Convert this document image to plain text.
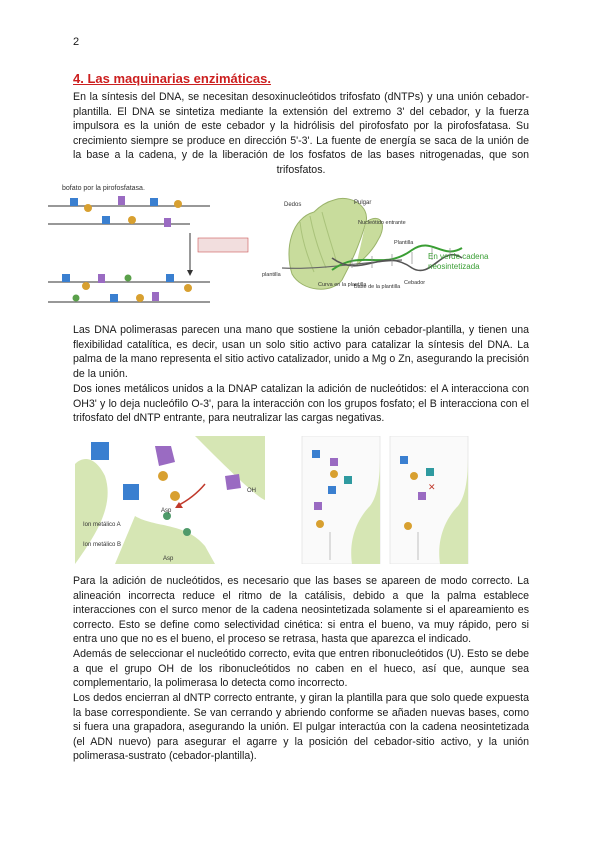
2
4. Las maquinarias enzimáticas.

En la síntesis del DNA, se necesitan desoxinucleótidos trifosfato (dNTPs) y una unión cebador-plantilla. El DNA se sintetiza mediante la extensión del extremo 3' del cebador, y la fuerza impulsora es la unión de este cebador y la hidrólisis del pirofosfato por la pirofosfatasa. Su crecimiento siempre se produce en dirección 5'-3'. La fuente de energía se saca de la unión de la base a la cadena, y de la liberación de los fosfatos de las bases nitrogenadas, que son trifosfatos.

bofato por la pirofosfatasa.
Dedos	Pulgar
Nucleótido entrante
Plantilla
plantilla
Curva en la plantilla
Base de la plantilla
Cebador
En verde cadena
neosintetizada

Las DNA polimerasas parecen una mano que sostiene la unión cebador-plantilla, y tienen una flexibilidad catalítica, es decir, usan un solo sitio activo para catalizar la síntesis del DNA. La palma de la mano representa el sitio activo catalizador, unido a Mg o Zn, asegurando la precisión de la unión.

Dos iones metálicos unidos a la DNAP catalizan la adición de nucleótidos: el A interacciona con OH3' y lo deja nucleófilo O-3', para la interacción con los grupos fosfato; el B interacciona con el trifosfato del dNTP entrante, para neutralizar las cargas negativas.

Ion metálico A
Ion metálico B
Asp
Asp
OH	✕

Para la adición de nucleótidos, es necesario que las bases se apareen de modo correcto. La alineación incorrecta reduce el ritmo de la catálisis, debido a que la palma establece interacciones con el surco menor de la cadena neosintetizada solamente si el apareamiento es correcto. Esto se define como selectividad cinética: si entra el bueno, va muy rápido, pero si entra uno que no es el bueno, el proceso se retrasa, hasta que aparezca el indicado.

Además de seleccionar el nucleótido correcto, evita que entren ribonucleótidos (U). Esto se debe a que el grupo OH de los ribonucleótidos no caben en el hueco, así que, aunque sea complementario, la polimerasa lo detecta como incorrecto.

Los dedos encierran al dNTP correcto entrante, y giran la plantilla para que solo quede expuesta la base correspondiente. Se van cerrando y abriendo conforme se añaden nuevas bases, como si fuera una grapadora, asegurando la unión. El pulgar interactúa con la cadena neosintetizada (el ADN nuevo) para asegurar el agarre y la posición del cebador-sitio activo, y la unión polimerasa-sustrato (cebador-plantilla).
